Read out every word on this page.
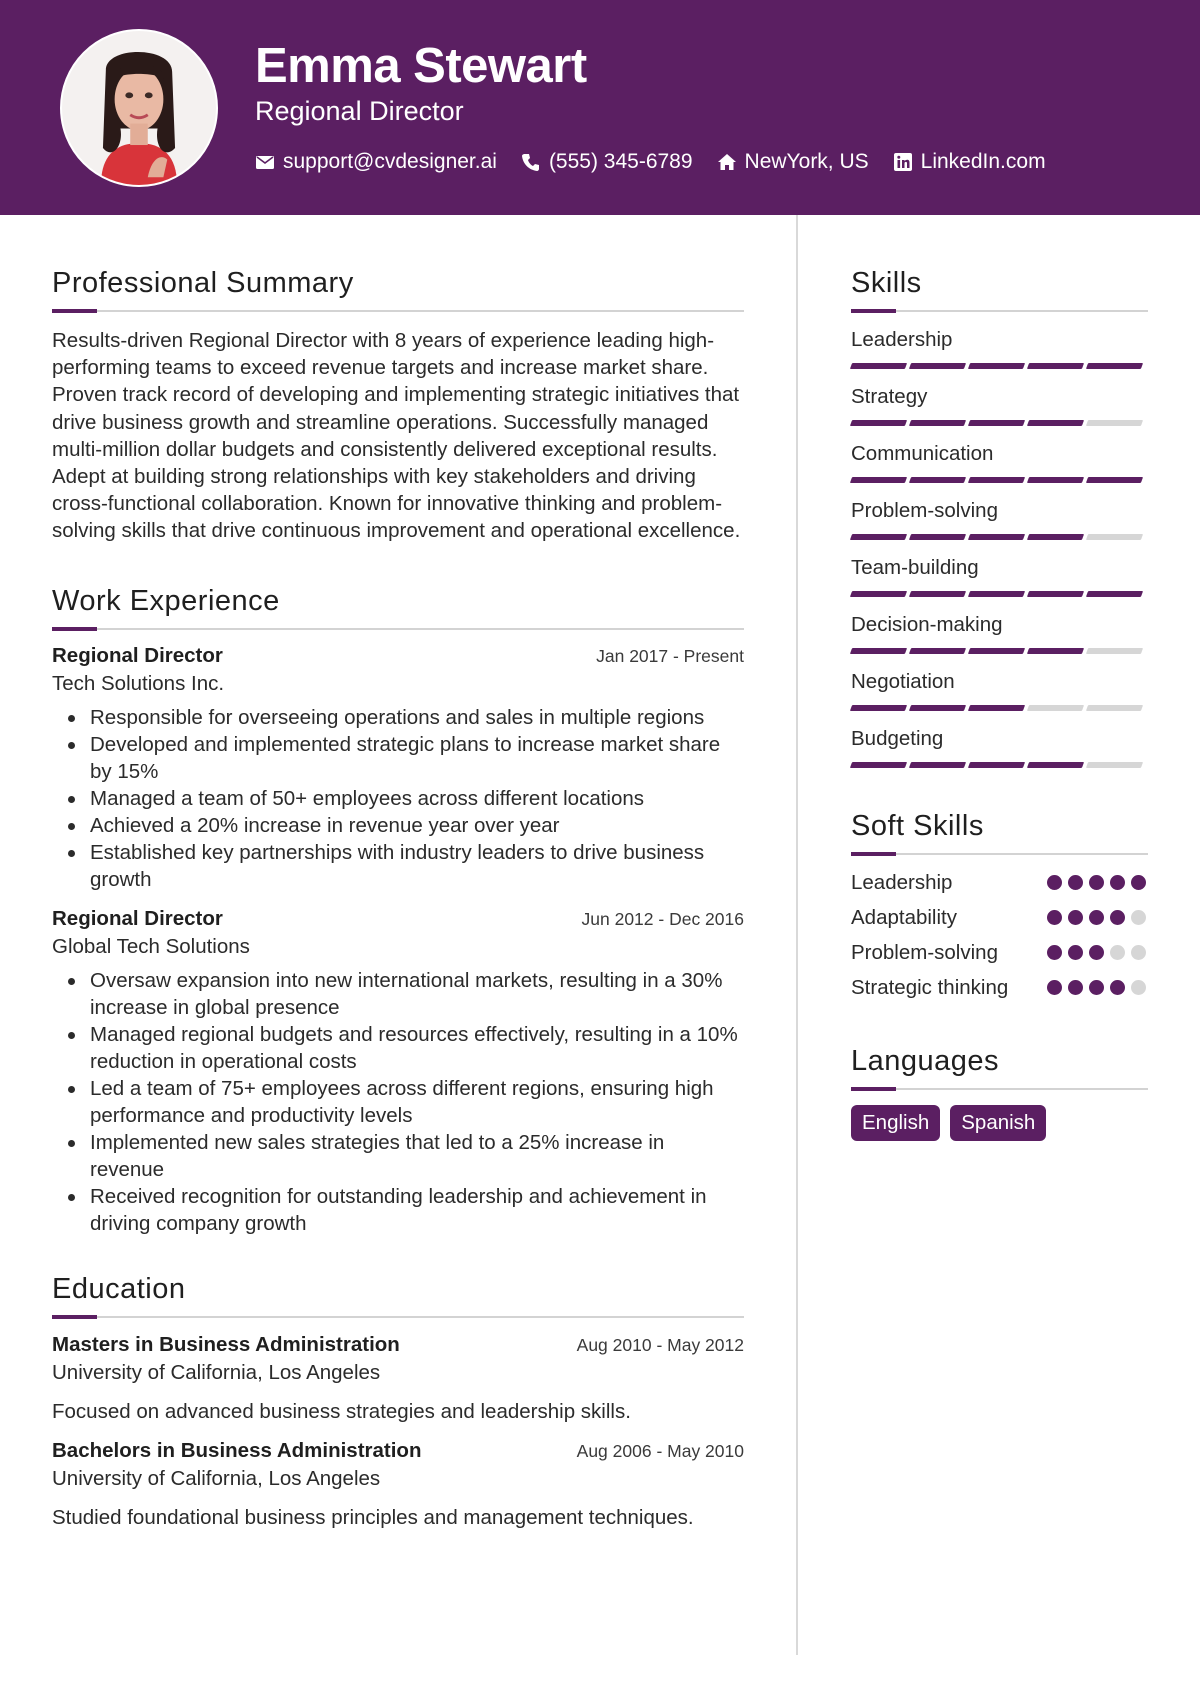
Emma Stewart
Regional Director
support@cvdesigner.ai (555) 345-6789 NewYork, US LinkedIn.com
Professional Summary

Results-driven Regional Director with 8 years of experience leading high-performing teams to exceed revenue targets and increase market share. Proven track record of developing and implementing strategic initiatives that drive business growth and streamline operations. Successfully managed multi-million dollar budgets and consistently delivered exceptional results. Adept at building strong relationships with key stakeholders and driving cross-functional collaboration. Known for innovative thinking and problem-solving skills that drive continuous improvement and operational excellence.

Work Experience
Regional Director	Jan 2017 - Present
Tech Solutions Inc.
Responsible for overseeing operations and sales in multiple regions
Developed and implemented strategic plans to increase market share by 15%
Managed a team of 50+ employees across different locations
Achieved a 20% increase in revenue year over year
Established key partnerships with industry leaders to drive business growth
Regional Director	Jun 2012 - Dec 2016
Global Tech Solutions
Oversaw expansion into new international markets, resulting in a 30% increase in global presence
Managed regional budgets and resources effectively, resulting in a 10% reduction in operational costs
Led a team of 75+ employees across different regions, ensuring high performance and productivity levels
Implemented new sales strategies that led to a 25% increase in revenue
Received recognition for outstanding leadership and achievement in driving company growth
Education
Masters in Business Administration	Aug 2010 - May 2012
University of California, Los Angeles
Focused on advanced business strategies and leadership skills.
Bachelors in Business Administration	Aug 2006 - May 2010
University of California, Los Angeles
Studied foundational business principles and management techniques.
Skills
Leadership
Strategy
Communication
Problem-solving
Team-building
Decision-making
Negotiation
Budgeting
Soft Skills
Leadership
Adaptability
Problem-solving
Strategic thinking
Languages
English	Spanish
